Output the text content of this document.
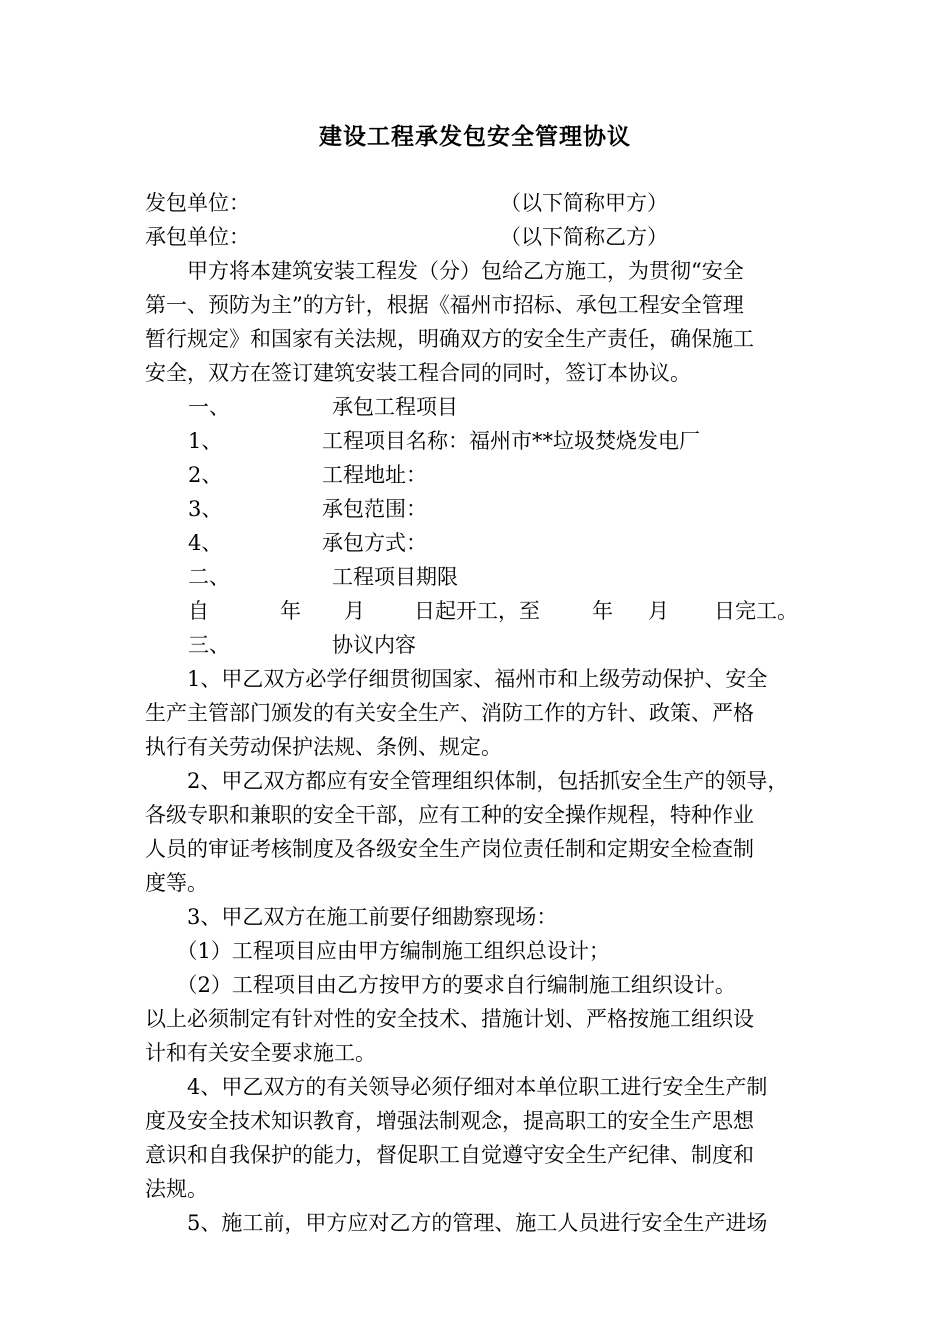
建设工程承发包安全管理协议
发包单位：	（以下简称甲方）
承包单位：	（以下简称乙方）
　　甲方将本建筑安装工程发（分）包给乙方施工，为贯彻“安全
第一、预防为主”的方针，根据《福州市招标、承包工程安全管理
暂行规定》和国家有关法规，明确双方的安全生产责任，确保施工
安全，双方在签订建筑安装工程合同的同时，签订本协议。
一、	承包工程项目
1、	工程项目名称：福州市**垃圾焚烧发电厂
2、	工程地址：
3、	承包范围：
4、	承包方式：
二、	工程项目期限
自	年 月 日起开工，至 年 月 日完工。
三、	协议内容
　　1、甲乙双方必学仔细贯彻国家、福州市和上级劳动保护、安全
生产主管部门颁发的有关安全生产、消防工作的方针、政策、严格
执行有关劳动保护法规、条例、规定。
　　2、甲乙双方都应有安全管理组织体制，包括抓安全生产的领导，
各级专职和兼职的安全干部，应有工种的安全操作规程，特种作业
人员的审证考核制度及各级安全生产岗位责任制和定期安全检查制
度等。
　　3、甲乙双方在施工前要仔细勘察现场：
　　（1）工程项目应由甲方编制施工组织总设计；
　　（2）工程项目由乙方按甲方的要求自行编制施工组织设计。
以上必须制定有针对性的安全技术、措施计划、严格按施工组织设
计和有关安全要求施工。
　　4、甲乙双方的有关领导必须仔细对本单位职工进行安全生产制
度及安全技术知识教育，增强法制观念，提高职工的安全生产思想
意识和自我保护的能力，督促职工自觉遵守安全生产纪律、制度和
法规。
　　5、施工前，甲方应对乙方的管理、施工人员进行安全生产进场
